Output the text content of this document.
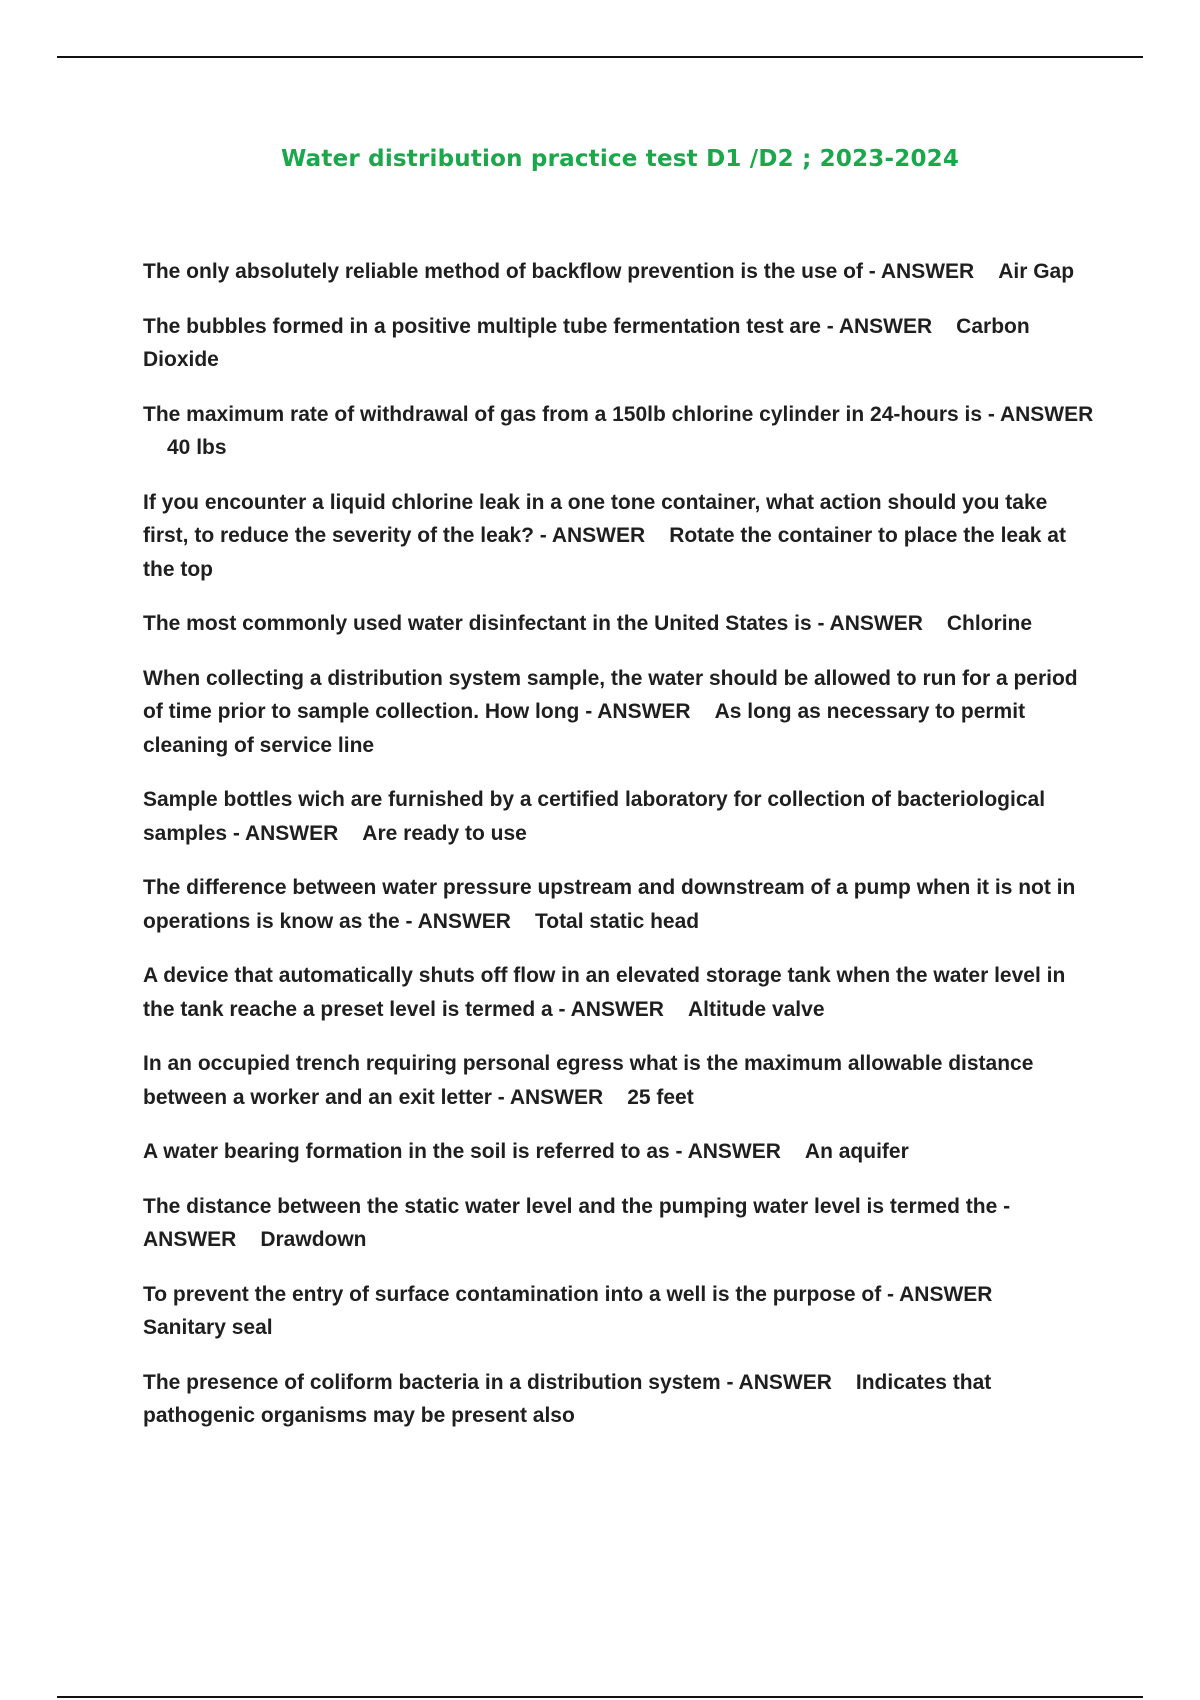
Water distribution practice test D1 /D2 ; 2023-2024
The only absolutely reliable method of backflow prevention is the use of - ANSWER Air Gap
The bubbles formed in a positive multiple tube fermentation test are - ANSWER Carbon Dioxide
The maximum rate of withdrawal of gas from a 150lb chlorine cylinder in 24-hours is - ANSWER40 lbs
If you encounter a liquid chlorine leak in a one tone container, what action should you take first, to reduce the severity of the leak? - ANSWER Rotate the container to place the leak at the top
The most commonly used water disinfectant in the United States is - ANSWER Chlorine
When collecting a distribution system sample, the water should be allowed to run for a period of time prior to sample collection. How long - ANSWER As long as necessary to permit cleaning of service line
Sample bottles wich are furnished by a certified laboratory for collection of bacteriological samples - ANSWER Are ready to use
The difference between water pressure upstream and downstream of a pump when it is not in operations is know as the - ANSWER Total static head
A device that automatically shuts off flow in an elevated storage tank when the water level in the tank reache a preset level is termed a - ANSWER Altitude valve
In an occupied trench requiring personal egress what is the maximum allowable distance between a worker and an exit letter - ANSWER 25 feet
A water bearing formation in the soil is referred to as - ANSWER An aquifer
The distance between the static water level and the pumping water level is termed the - ANSWER Drawdown
To prevent the entry of surface contamination into a well is the purpose of - ANSWERSanitary seal
The presence of coliform bacteria in a distribution system - ANSWER Indicates that pathogenic organisms may be present also
